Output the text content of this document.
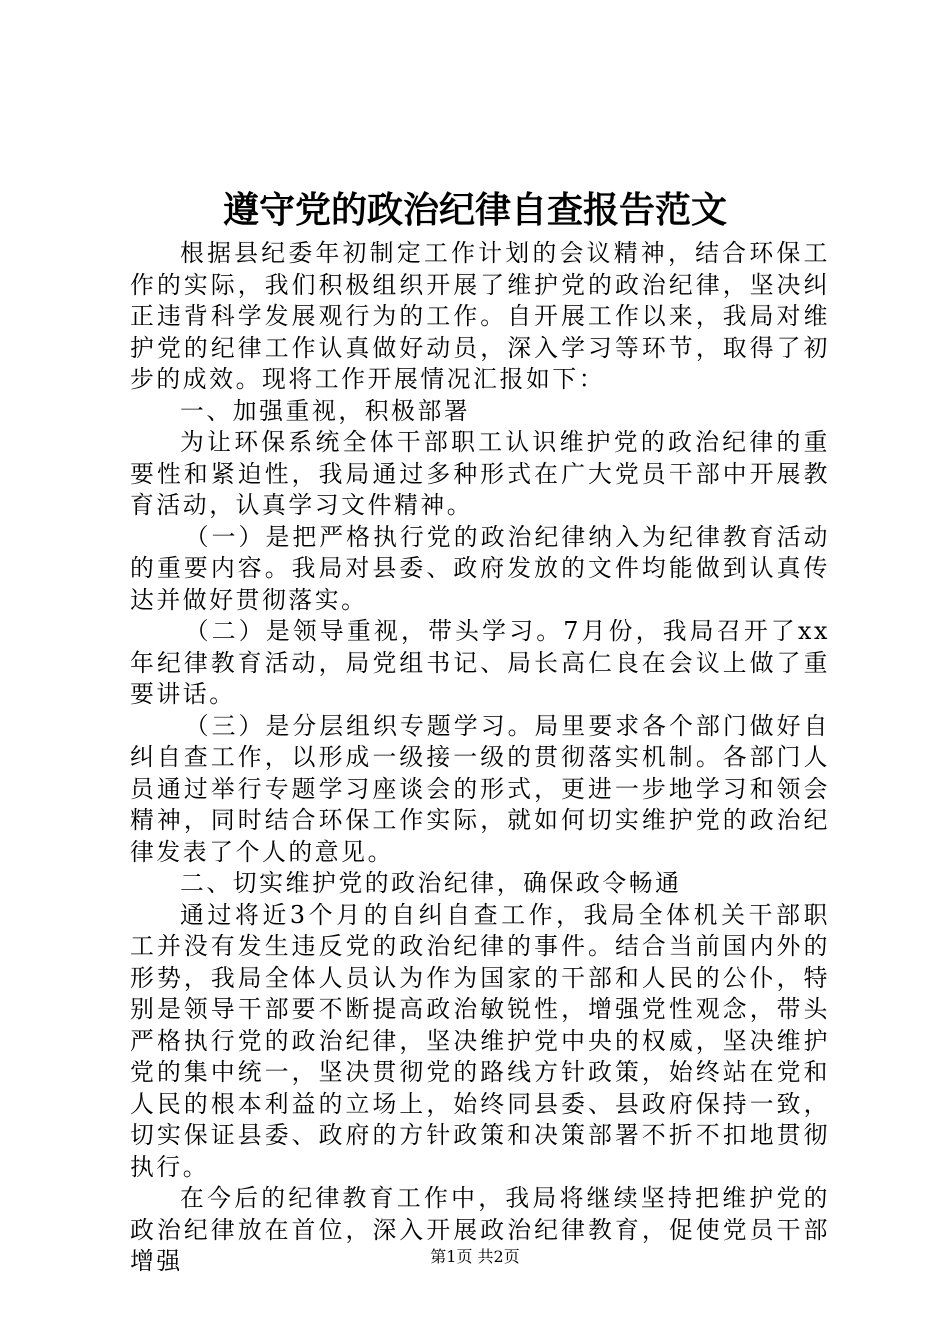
遵守党的政治纪律自查报告范文

根据县纪委年初制定工作计划的会议精神，结合环保工作的实际，我们积极组织开展了维护党的政治纪律，坚决纠正违背科学发展观行为的工作。自开展工作以来，我局对维护党的纪律工作认真做好动员，深入学习等环节，取得了初步的成效。现将工作开展情况汇报如下：

一、加强重视，积极部署

为让环保系统全体干部职工认识维护党的政治纪律的重要性和紧迫性，我局通过多种形式在广大党员干部中开展教育活动，认真学习文件精神。

（一）是把严格执行党的政治纪律纳入为纪律教育活动的重要内容。我局对县委、政府发放的文件均能做到认真传达并做好贯彻落实。

（二）是领导重视，带头学习。7月份，我局召开了xx年纪律教育活动，局党组书记、局长高仁良在会议上做了重要讲话。

（三）是分层组织专题学习。局里要求各个部门做好自纠自查工作，以形成一级接一级的贯彻落实机制。各部门人员通过举行专题学习座谈会的形式，更进一步地学习和领会精神，同时结合环保工作实际，就如何切实维护党的政治纪律发表了个人的意见。

二、切实维护党的政治纪律，确保政令畅通

通过将近3个月的自纠自查工作，我局全体机关干部职工并没有发生违反党的政治纪律的事件。结合当前国内外的形势，我局全体人员认为作为国家的干部和人民的公仆，特别是领导干部要不断提高政治敏锐性，增强党性观念，带头严格执行党的政治纪律，坚决维护党中央的权威，坚决维护党的集中统一，坚决贯彻党的路线方针政策，始终站在党和人民的根本利益的立场上，始终同县委、县政府保持一致，切实保证县委、政府的方针政策和决策部署不折不扣地贯彻执行。

在今后的纪律教育工作中，我局将继续坚持把维护党的政治纪律放在首位，深入开展政治纪律教育，促使党员干部增强	第1页 共2页
